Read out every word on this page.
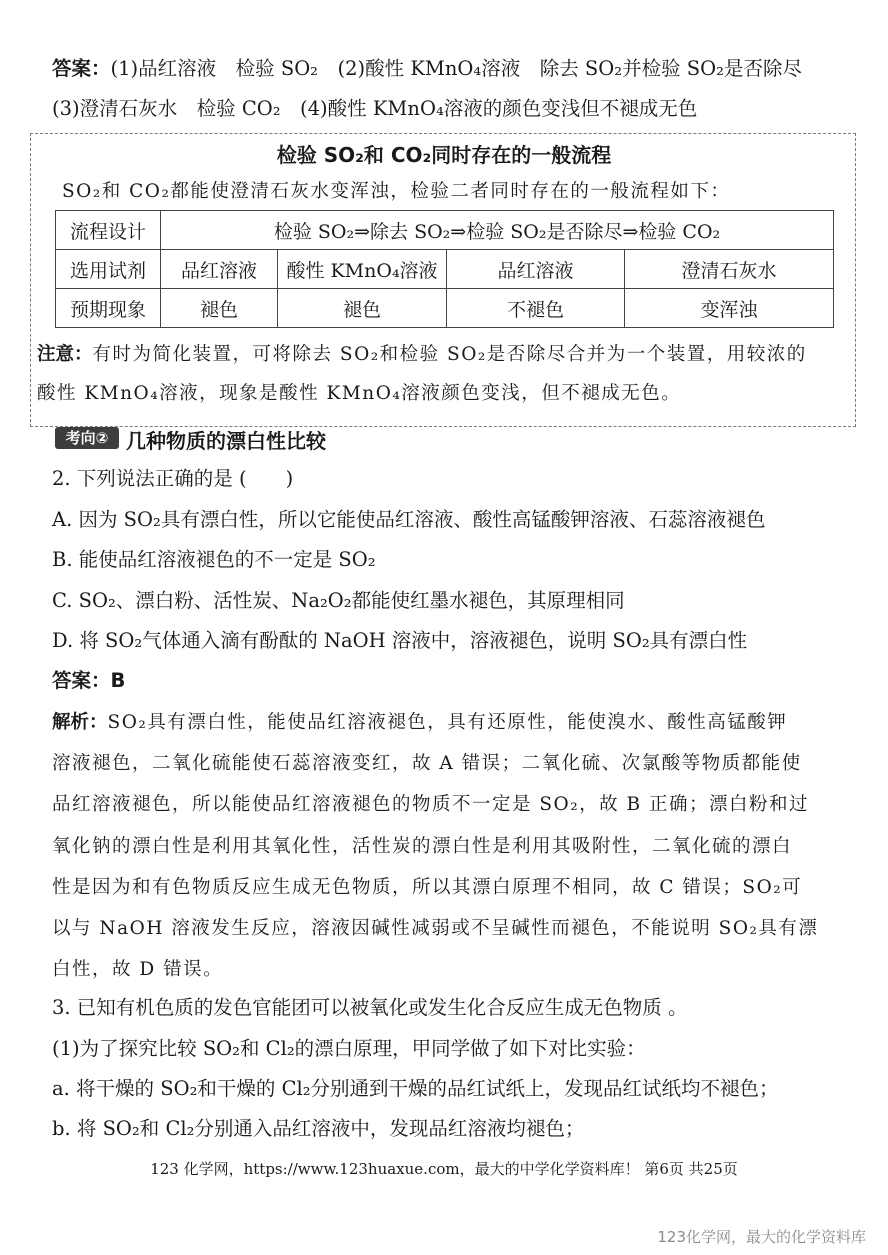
答案：(1)品红溶液　检验 SO₂　(2)酸性 KMnO₄溶液　除去 SO₂并检验 SO₂是否除尽
(3)澄清石灰水　检验 CO₂　(4)酸性 KMnO₄溶液的颜色变浅但不褪成无色
检验 SO₂和 CO₂同时存在的一般流程
SO₂和 CO₂都能使澄清石灰水变浑浊，检验二者同时存在的一般流程如下：
流程设计	检验 SO₂⇒除去 SO₂⇒检验 SO₂是否除尽⇒检验 CO₂			
选用试剂	品红溶液	酸性 KMnO₄溶液	品红溶液	澄清石灰水
预期现象	褪色	褪色	不褪色	变浑浊
注意：有时为简化装置，可将除去 SO₂和检验 SO₂是否除尽合并为一个装置，用较浓的
酸性 KMnO₄溶液，现象是酸性 KMnO₄溶液颜色变浅，但不褪成无色。
考向② 几种物质的漂白性比较
2. 下列说法正确的是 (　　)
A. 因为 SO₂具有漂白性，所以它能使品红溶液、酸性高锰酸钾溶液、石蕊溶液褪色
B. 能使品红溶液褪色的不一定是 SO₂
C. SO₂、漂白粉、活性炭、Na₂O₂都能使红墨水褪色，其原理相同
D. 将 SO₂气体通入滴有酚酞的 NaOH 溶液中，溶液褪色，说明 SO₂具有漂白性
答案：B
解析：SO₂具有漂白性，能使品红溶液褪色，具有还原性，能使溴水、酸性高锰酸钾
溶液褪色，二氧化硫能使石蕊溶液变红，故 A 错误；二氧化硫、次氯酸等物质都能使
品红溶液褪色，所以能使品红溶液褪色的物质不一定是 SO₂，故 B 正确；漂白粉和过
氧化钠的漂白性是利用其氧化性，活性炭的漂白性是利用其吸附性，二氧化硫的漂白
性是因为和有色物质反应生成无色物质，所以其漂白原理不相同，故 C 错误；SO₂可
以与 NaOH 溶液发生反应，溶液因碱性减弱或不呈碱性而褪色，不能说明 SO₂具有漂
白性，故 D 错误。
3. 已知有机色质的发色官能团可以被氧化或发生化合反应生成无色物质 。
(1)为了探究比较 SO₂和 Cl₂的漂白原理，甲同学做了如下对比实验：
a. 将干燥的 SO₂和干燥的 Cl₂分别通到干燥的品红试纸上，发现品红试纸均不褪色；
b. 将 SO₂和 Cl₂分别通入品红溶液中，发现品红溶液均褪色；
123 化学网，https://www.123huaxue.com，最大的中学化学资料库！ 第6页 共25页
123化学网，最大的化学资料库
